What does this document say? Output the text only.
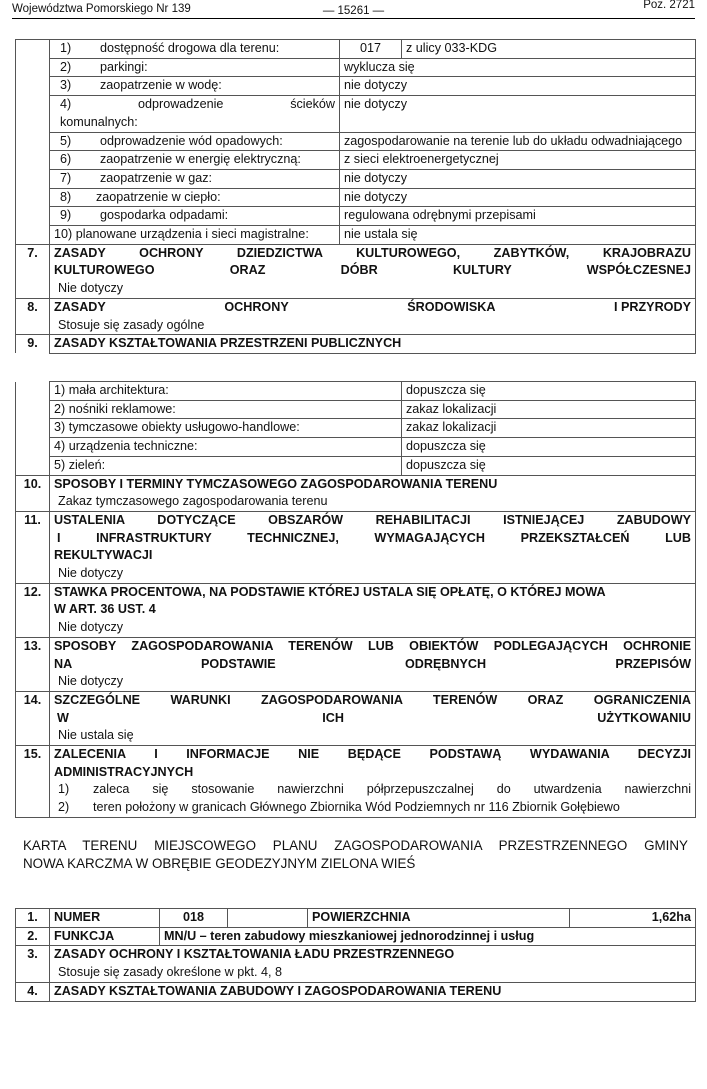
Województwa Pomorskiego Nr 139	— 15261 —	Poz. 2721

	1) dostępność drogowa dla terenu:	017	z ulicy 033-KDG

	2) parkingi:	wyklucza się	

	3) zaopatrzenie w wodę:	nie dotyczy	

	4) odprowadzenie ścieków
komunalnych:	nie dotyczy	

	5) odprowadzenie wód opadowych:	zagospodarowanie na terenie lub do układu odwadniającego	

	6) zaopatrzenie w energię elektryczną:	z sieci elektroenergetycznej	

	7) zaopatrzenie w gaz:	nie dotyczy	

	8) zaopatrzenie w ciepło:	nie dotyczy	

	9) gospodarka odpadami:	regulowana odrębnymi przepisami	
	10) planowane urządzenia i sieci magistralne:	nie ustala się	
7.	ZASADY OCHRONY DZIEDZICTWA KULTUROWEGO, ZABYTKÓW, KRAJOBRAZU
KULTUROWEGO ORAZ DÓBR KULTURY WSPÓŁCZESNEJ
Nie dotyczy		

8.	ZASADY OCHRONY ŚRODOWISKA I PRZYRODY
Stosuje się zasady ogólne		

9.	ZASADY KSZTAŁTOWANIA PRZESTRZENI PUBLICZNYCH		
	1) mała architektura:	dopuszcza się
	2) nośniki reklamowe:	zakaz lokalizacji
	3) tymczasowe obiekty usługowo-handlowe:	zakaz lokalizacji
	4) urządzenia techniczne:	dopuszcza się
	5) zieleń:	dopuszcza się
10.	SPOSOBY I TERMINY TYMCZASOWEGO ZAGOSPODAROWANIA TERENU
Zakaz tymczasowego zagospodarowania terenu	

11.	USTALENIA DOTYCZĄCE OBSZARÓW REHABILITACJI ISTNIEJĄCEJ ZABUDOWY
I INFRASTRUKTURY TECHNICZNEJ, WYMAGAJĄCYCH PRZEKSZTAŁCEŃ LUB
REKULTYWACJI
Nie dotyczy	

12.	STAWKA PROCENTOWA, NA PODSTAWIE KTÓREJ USTALA SIĘ OPŁATĘ, O KTÓREJ MOWA
W ART. 36 UST. 4
Nie dotyczy	

13.	SPOSOBY ZAGOSPODAROWANIA TERENÓW LUB OBIEKTÓW PODLEGAJĄCYCH OCHRONIE
NA PODSTAWIE ODRĘBNYCH PRZEPISÓW
Nie dotyczy	

14.	SZCZEGÓLNE WARUNKI ZAGOSPODAROWANIA TERENÓW ORAZ OGRANICZENIA
W ICH UŻYTKOWANIU
Nie ustala się	

15.	ZALECENIA I INFORMACJE NIE BĘDĄCE PODSTAWĄ WYDAWANIA DECYZJI
ADMINISTRACYJNYCH
1) zaleca się stosowanie nawierzchni półprzepuszczalnej do utwardzenia nawierzchni
2) teren położony w granicach Głównego Zbiornika Wód Podziemnych nr 116 Zbiornik Gołębiewo	
KARTA TERENU MIEJSCOWEGO PLANU ZAGOSPODAROWANIA PRZESTRZENNEGO GMINY
NOWA KARCZMA W OBRĘBIE GEODEZYJNYM ZIELONA WIEŚ
1.	NUMER	018		POWIERZCHNIA	1,62ha
2.	FUNKCJA	MN/U – teren zabudowy mieszkaniowej jednorodzinnej i usług			
3.	ZASADY OCHRONY I KSZTAŁTOWANIA ŁADU PRZESTRZENNEGO
Stosuje się zasady określone w pkt. 4, 8				

4.	ZASADY KSZTAŁTOWANIA ZABUDOWY I ZAGOSPODAROWANIA TERENU				
